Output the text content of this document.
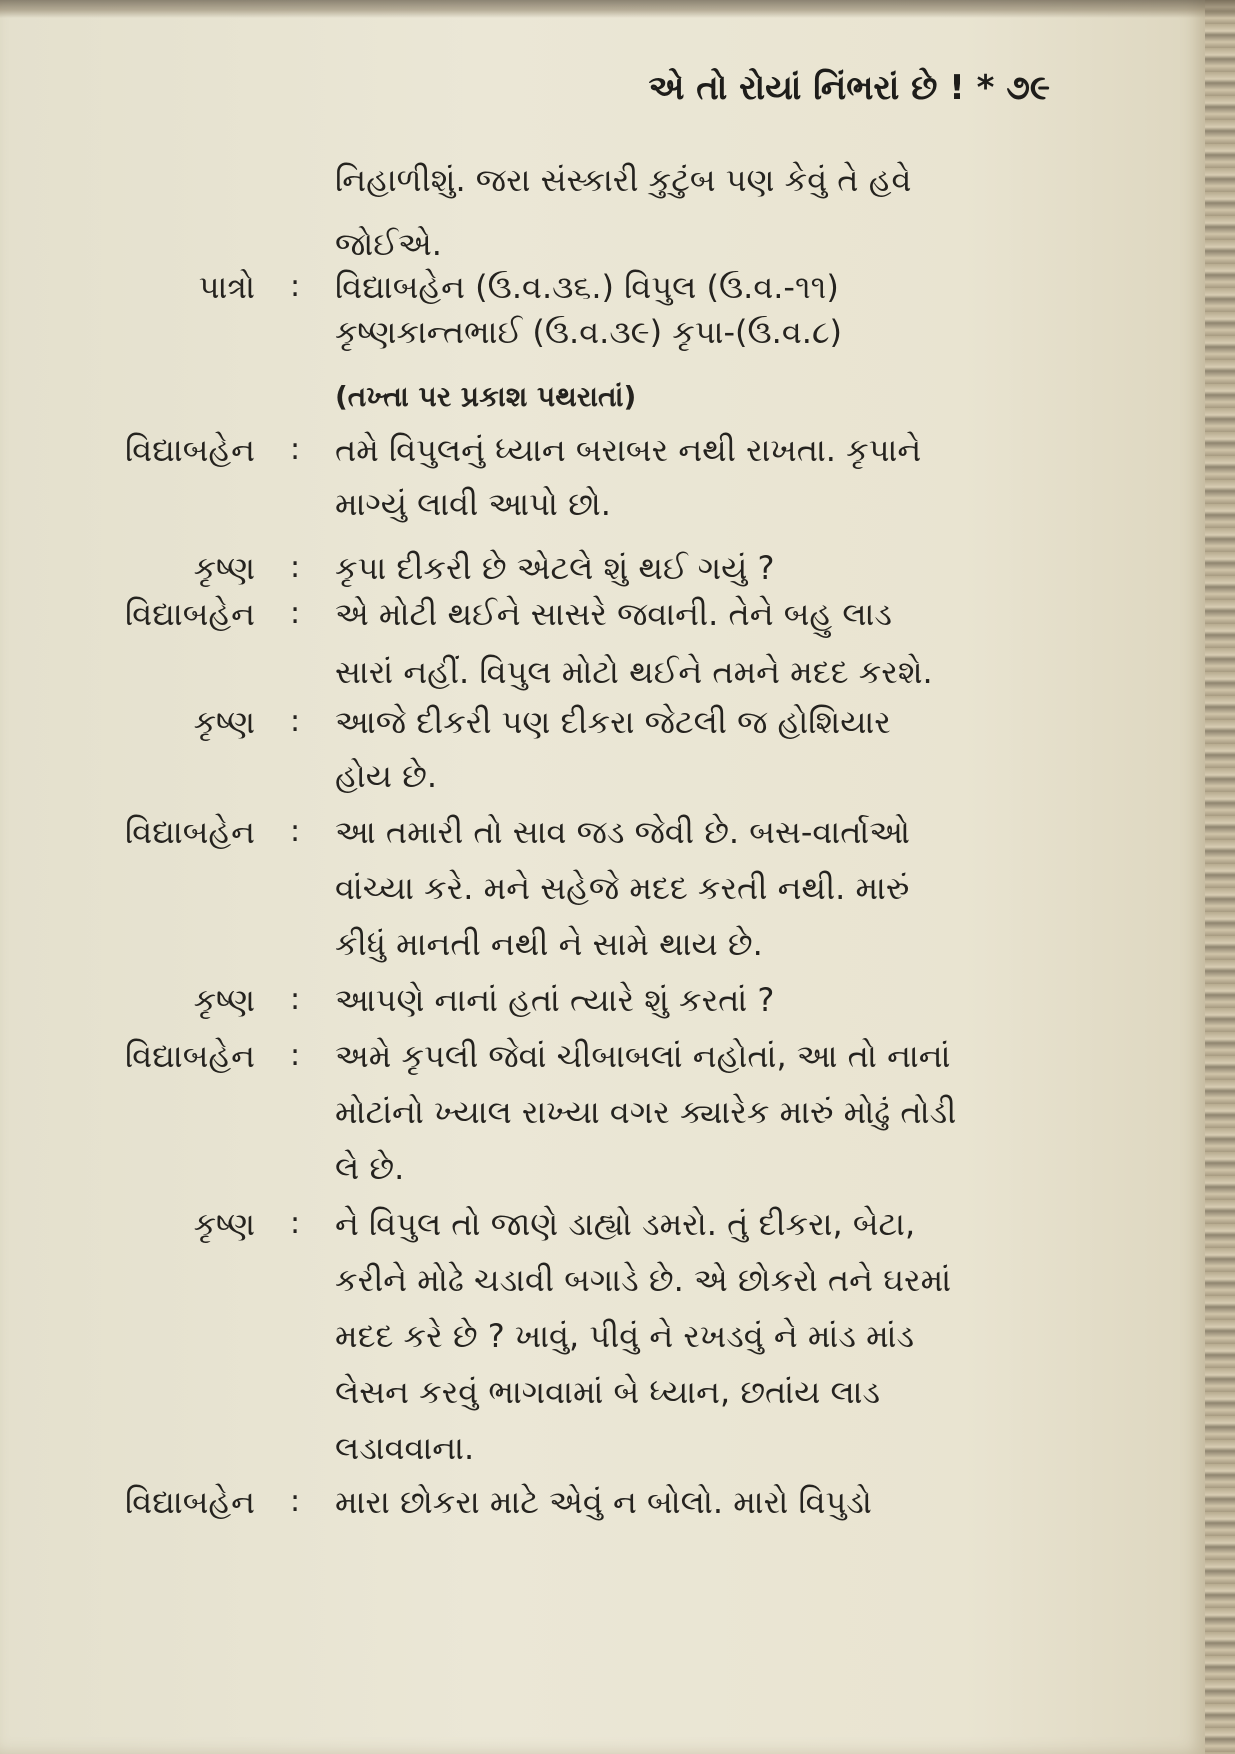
એ તો રોયાં નિંભરાં છે ! * ૭૯
નિહાળીશું. જરા સંસ્કારી કુટુંબ પણ કેવું તે હવે
જોઈએ.
પાત્રો : વિદ્યાબહેન (ઉ.વ.૩૬.) વિપુલ (ઉ.વ.-૧૧)
કૃષ્ણકાન્તભાઈ (ઉ.વ.૩૯) કૃપા-(ઉ.વ.૮)
(તખ્તા પર પ્રકાશ પથરાતાં)
વિદ્યાબહેન : તમે વિપુલનું ધ્યાન બરાબર નથી રાખતા. કૃપાને
માગ્યું લાવી આપો છો.
કૃષ્ણ : કૃપા દીકરી છે એટલે શું થઈ ગયું ?
વિદ્યાબહેન : એ મોટી થઈને સાસરે જવાની. તેને બહુ લાડ
સારાં નહીં. વિપુલ મોટો થઈને તમને મદદ કરશે.
કૃષ્ણ : આજે દીકરી પણ દીકરા જેટલી જ હોશિયાર
હોય છે.
વિદ્યાબહેન : આ તમારી તો સાવ જડ જેવી છે. બસ-વાર્તાઓ
વાંચ્યા કરે. મને સહેજે મદદ કરતી નથી. મારું
કીધું માનતી નથી ને સામે થાય છે.
કૃષ્ણ : આપણે નાનાં હતાં ત્યારે શું કરતાં ?
વિદ્યાબહેન : અમે કૃપલી જેવાં ચીબાબલાં નહોતાં, આ તો નાનાં
મોટાંનો ખ્યાલ રાખ્યા વગર ક્યારેક મારું મોઢું તોડી
લે છે.
કૃષ્ણ : ને વિપુલ તો જાણે ડાહ્યો ડમરો. તું દીકરા, બેટા,
કરીને મોઢે ચડાવી બગાડે છે. એ છોકરો તને ઘરમાં
મદદ કરે છે ? ખાવું, પીવું ને રખડવું ને માંડ માંડ
લેસન કરવું ભાગવામાં બે ધ્યાન, છતાંય લાડ
લડાવવાના.
વિદ્યાબહેન : મારા છોકરા માટે એવું ન બોલો. મારો વિપુડો
